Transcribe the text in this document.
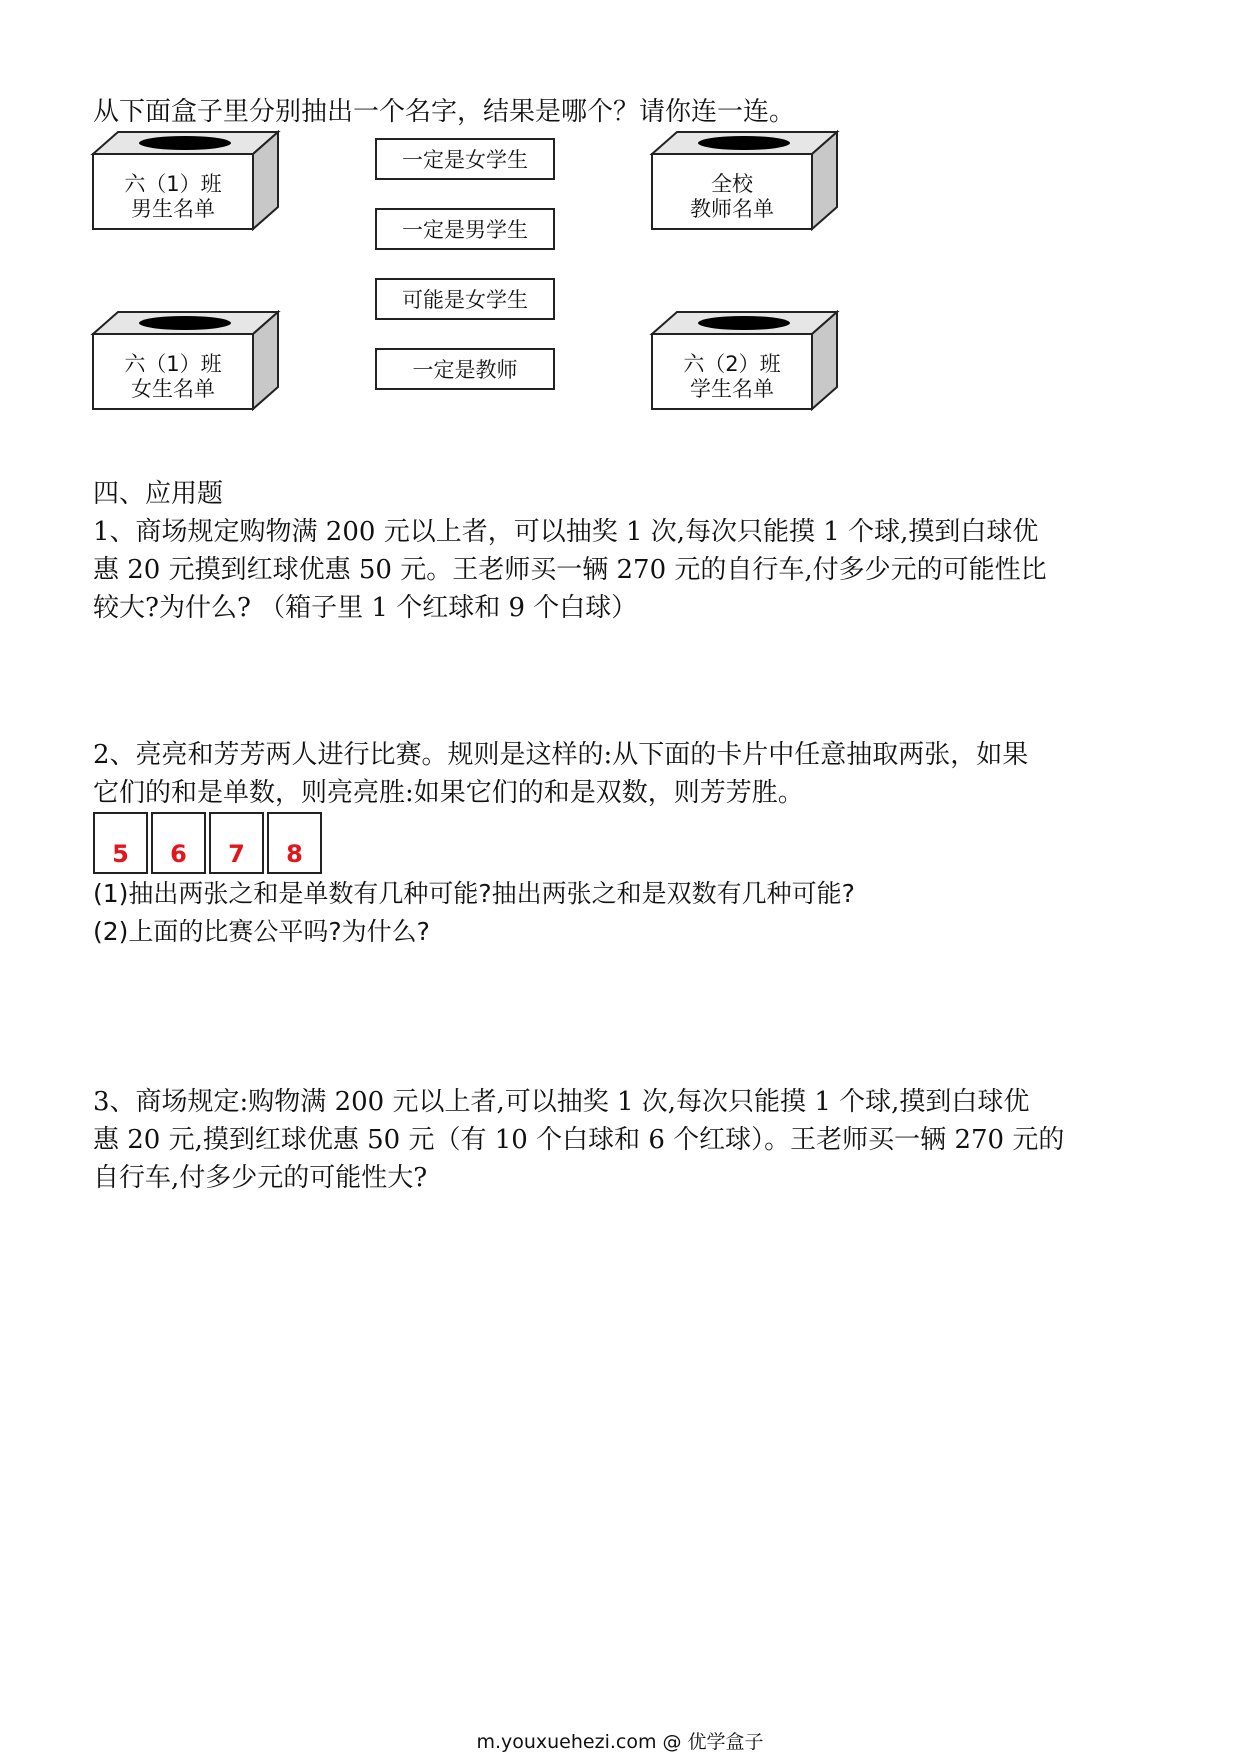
从下面盒子里分别抽出一个名字，结果是哪个？请你连一连。
六（1）班
男生名单
全校
教师名单
六（1）班
女生名单
六（2）班
学生名单
一定是女学生
一定是男学生
可能是女学生
一定是教师
四、应用题
1、商场规定购物满 200 元以上者，可以抽奖 1 次,每次只能摸 1 个球,摸到白球优
惠 20 元摸到红球优惠 50 元。王老师买一辆 270 元的自行车,付多少元的可能性比
较大?为什么? （箱子里 1 个红球和 9 个白球）
2、亮亮和芳芳两人进行比赛。规则是这样的:从下面的卡片中任意抽取两张，如果
它们的和是单数，则亮亮胜:如果它们的和是双数，则芳芳胜。
5	6	7	8
(1)抽出两张之和是单数有几种可能?抽出两张之和是双数有几种可能?
(2)上面的比赛公平吗?为什么?
3、商场规定:购物满 200 元以上者,可以抽奖 1 次,每次只能摸 1 个球,摸到白球优
惠 20 元,摸到红球优惠 50 元（有 10 个白球和 6 个红球）。王老师买一辆 270 元的
自行车,付多少元的可能性大?
m.youxuehezi.com @ 优学盒子
